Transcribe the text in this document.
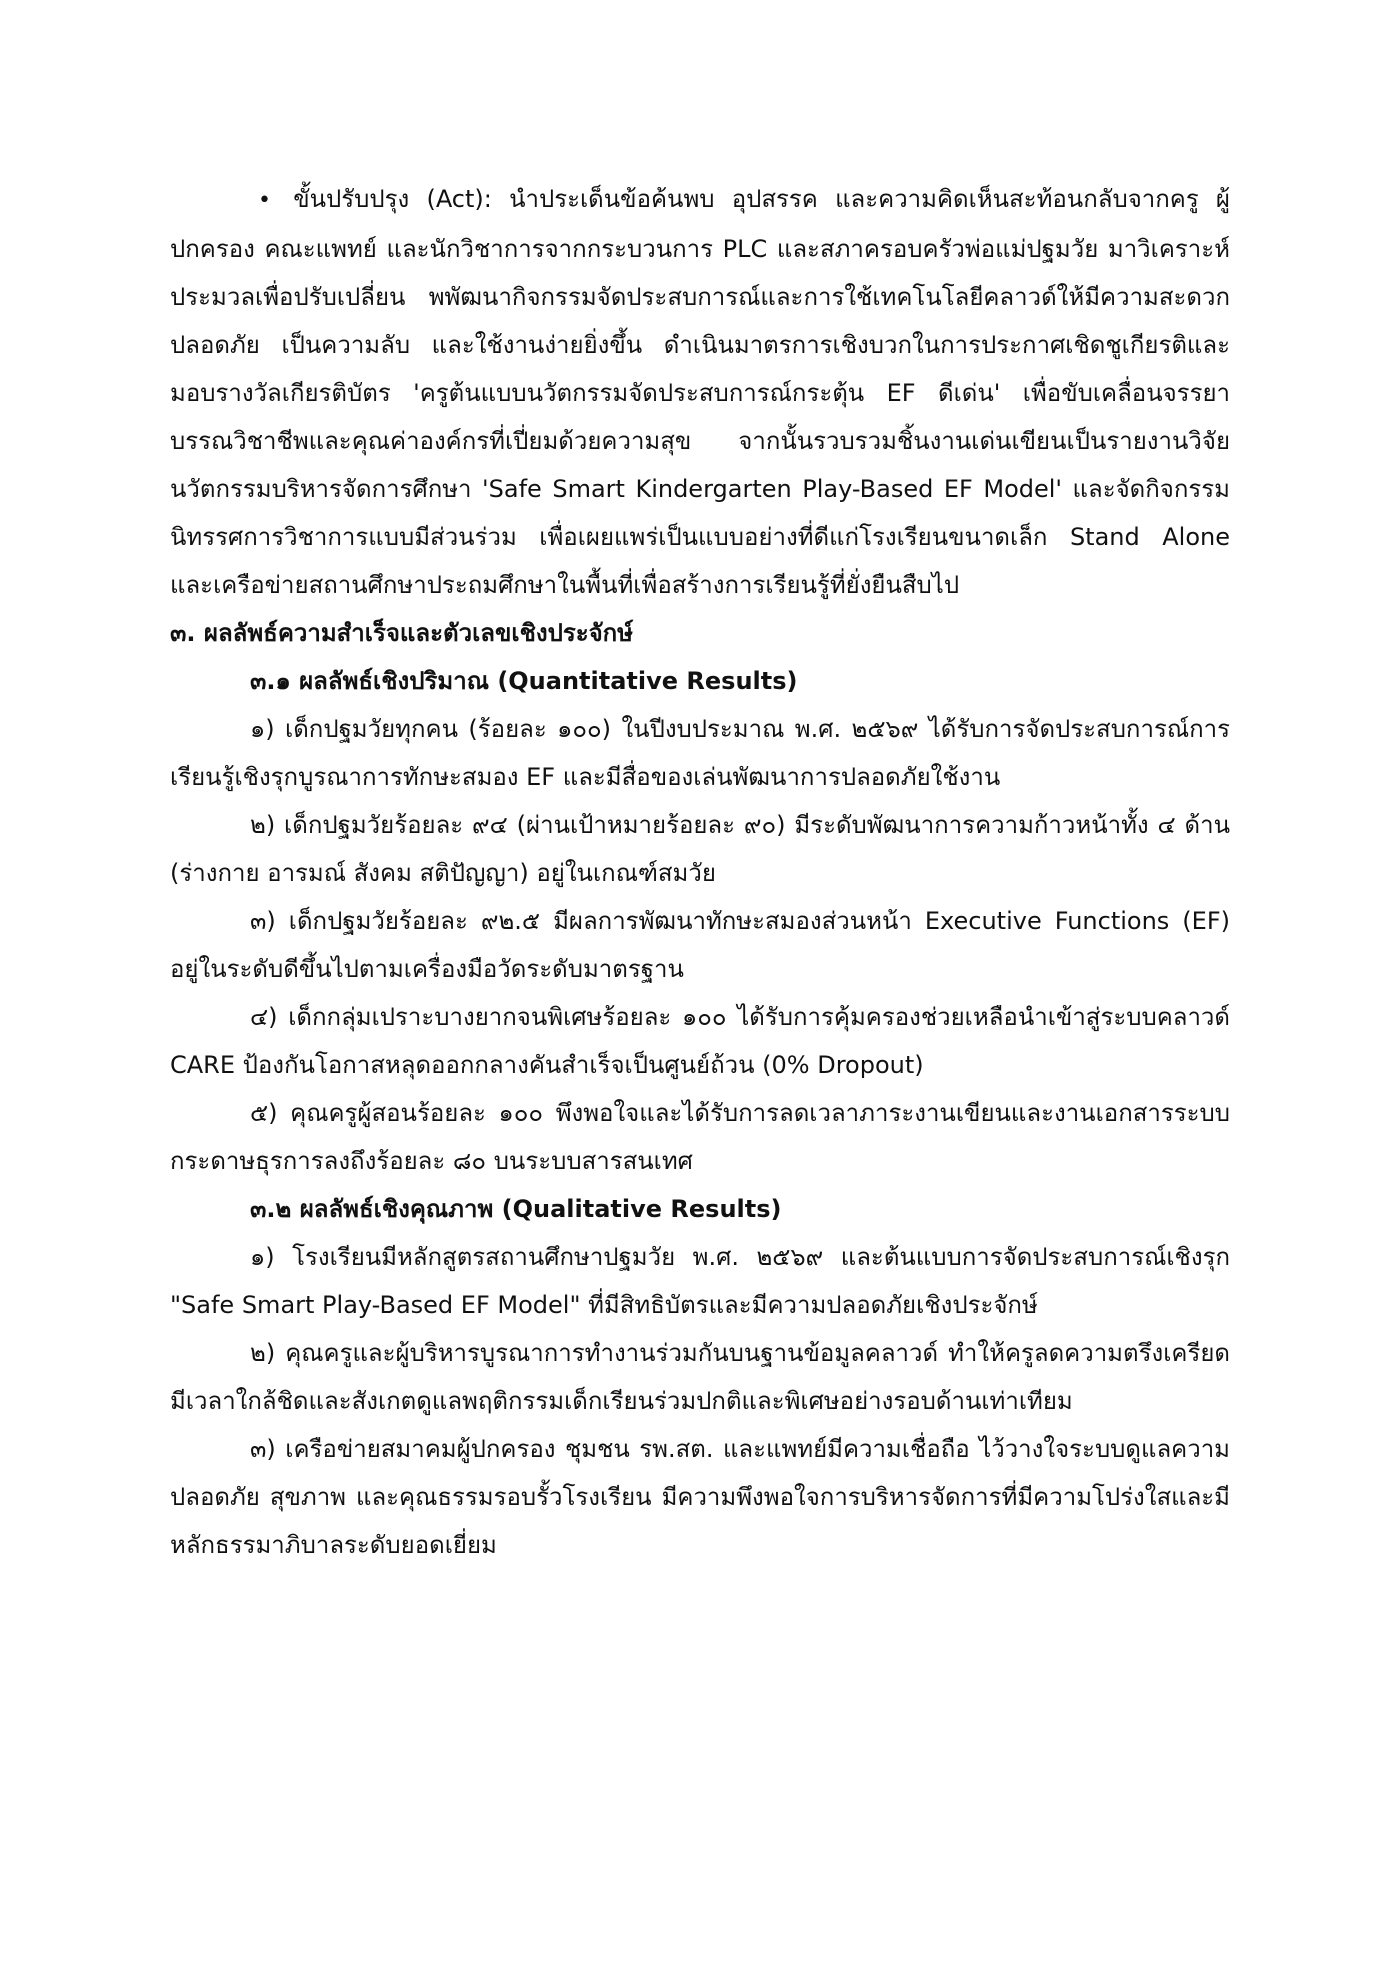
• ขั้นปรับปรุง (Act): นำประเด็นข้อค้นพบ อุปสรรค และความคิดเห็นสะท้อนกลับจากครู ผู้ปกครอง คณะแพทย์ และนักวิชาการจากกระบวนการ PLC และสภาครอบครัวพ่อแม่ปฐมวัย มาวิเคราะห์ประมวลเพื่อปรับเปลี่ยน พพัฒนากิจกรรมจัดประสบการณ์และการใช้เทคโนโลยีคลาวด์ให้มีความสะดวก ปลอดภัย เป็นความลับ และใช้งานง่ายยิ่งขึ้น ดำเนินมาตรการเชิงบวกในการประกาศเชิดชูเกียรติและมอบรางวัลเกียรติบัตร 'ครูต้นแบบนวัตกรรมจัดประสบการณ์กระตุ้น EF ดีเด่น' เพื่อขับเคลื่อนจรรยาบรรณวิชาชีพและคุณค่าองค์กรที่เปี่ยมด้วยความสุข จากนั้นรวบรวมชิ้นงานเด่นเขียนเป็นรายงานวิจัยนวัตกรรมบริหารจัดการศึกษา 'Safe Smart Kindergarten Play-Based EF Model' และจัดกิจกรรมนิทรรศการวิชาการแบบมีส่วนร่วม เพื่อเผยแพร่เป็นแบบอย่างที่ดีแก่โรงเรียนขนาดเล็ก Stand Alone และเครือข่ายสถานศึกษาประถมศึกษาในพื้นที่เพื่อสร้างการเรียนรู้ที่ยั่งยืนสืบไป

๓. ผลลัพธ์ความสำเร็จและตัวเลขเชิงประจักษ์

๓.๑ ผลลัพธ์เชิงปริมาณ (Quantitative Results)

๑) เด็กปฐมวัยทุกคน (ร้อยละ ๑๐๐) ในปีงบประมาณ พ.ศ. ๒๕๖๙ ได้รับการจัดประสบการณ์การเรียนรู้เชิงรุกบูรณาการทักษะสมอง EF และมีสื่อของเล่นพัฒนาการปลอดภัยใช้งาน

๒) เด็กปฐมวัยร้อยละ ๙๔ (ผ่านเป้าหมายร้อยละ ๙๐) มีระดับพัฒนาการความก้าวหน้าทั้ง ๔ ด้าน (ร่างกาย อารมณ์ สังคม สติปัญญา) อยู่ในเกณฑ์สมวัย

๓) เด็กปฐมวัยร้อยละ ๙๒.๕ มีผลการพัฒนาทักษะสมองส่วนหน้า Executive Functions (EF) อยู่ในระดับดีขึ้นไปตามเครื่องมือวัดระดับมาตรฐาน

๔) เด็กกลุ่มเปราะบางยากจนพิเศษร้อยละ ๑๐๐ ได้รับการคุ้มครองช่วยเหลือนำเข้าสู่ระบบคลาวด์ CARE ป้องกันโอกาสหลุดออกกลางคันสำเร็จเป็นศูนย์ถ้วน (0% Dropout)

๕) คุณครูผู้สอนร้อยละ ๑๐๐ พึงพอใจและได้รับการลดเวลาภาระงานเขียนและงานเอกสารระบบกระดาษธุรการลงถึงร้อยละ ๘๐ บนระบบสารสนเทศ

๓.๒ ผลลัพธ์เชิงคุณภาพ (Qualitative Results)

๑) โรงเรียนมีหลักสูตรสถานศึกษาปฐมวัย พ.ศ. ๒๕๖๙ และต้นแบบการจัดประสบการณ์เชิงรุก "Safe Smart Play-Based EF Model" ที่มีสิทธิบัตรและมีความปลอดภัยเชิงประจักษ์

๒) คุณครูและผู้บริหารบูรณาการทำงานร่วมกันบนฐานข้อมูลคลาวด์ ทำให้ครูลดความตรึงเครียด มีเวลาใกล้ชิดและสังเกตดูแลพฤติกรรมเด็กเรียนร่วมปกติและพิเศษอย่างรอบด้านเท่าเทียม

๓) เครือข่ายสมาคมผู้ปกครอง ชุมชน รพ.สต. และแพทย์มีความเชื่อถือ ไว้วางใจระบบดูแลความปลอดภัย สุขภาพ และคุณธรรมรอบรั้วโรงเรียน มีความพึงพอใจการบริหารจัดการที่มีความโปร่งใสและมีหลักธรรมาภิบาลระดับยอดเยี่ยม
